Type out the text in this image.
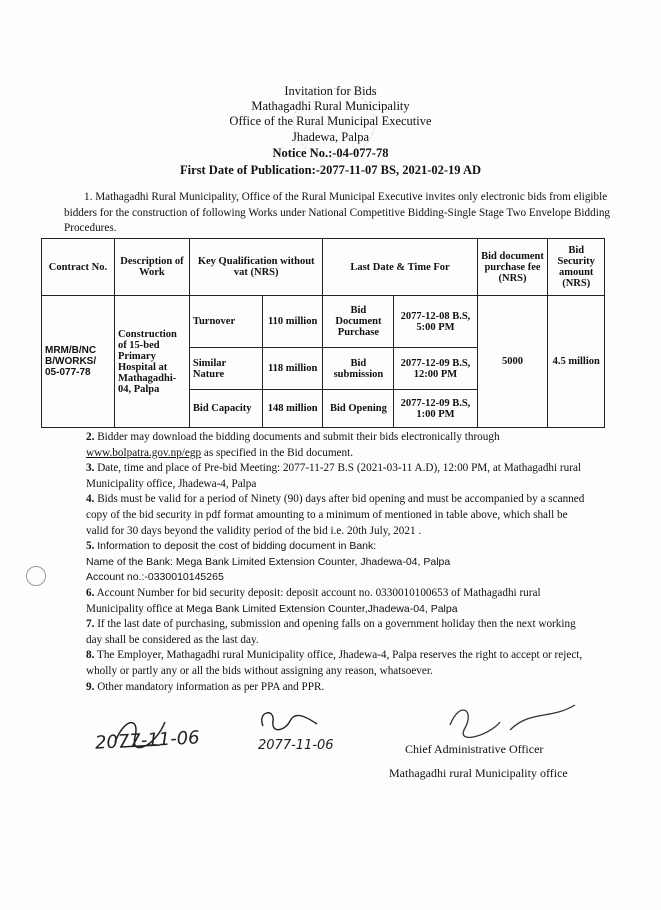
Invitation for Bids
Mathagadhi Rural Municipality
Office of the Rural Municipal Executive
Jhadewa, Palpa
Notice No.:-04-077-78
First Date of Publication:-2077-11-07 BS, 2021-02-19 AD
1. Mathagadhi Rural Municipality, Office of the Rural Municipal Executive invites only electronic bids from eligible bidders for the construction of following Works under National Competitive Bidding-Single Stage Two Envelope Bidding Procedures.
Contract No.	Description of Work	Key Qualification without vat (NRS)		Last Date & Time For		Bid document purchase fee (NRS)	Bid Security amount (NRS)
MRM/B/NC B/WORKS/ 05-077-78	Construction of 15-bed Primary Hospital at Mathagadhi-04, Palpa	Turnover	110 million	Bid Document Purchase	2077-12-08 B.S, 5:00 PM	5000	4.5 million
		Similar Nature	118 million	Bid submission	2077-12-09 B.S, 12:00 PM		
		Bid Capacity	148 million	Bid Opening	2077-12-09 B.S, 1:00 PM		

2. Bidder may download the bidding documents and submit their bids electronically through www.bolpatra.gov.np/egp as specified in the Bid document.

3. Date, time and place of Pre-bid Meeting: 2077-11-27 B.S (2021-03-11 A.D), 12:00 PM, at Mathagadhi rural Municipality office, Jhadewa-4, Palpa

4. Bids must be valid for a period of Ninety (90) days after bid opening and must be accompanied by a scanned copy of the bid security in pdf format amounting to a minimum of mentioned in table above, which shall be valid for 30 days beyond the validity period of the bid i.e. 20th July, 2021 .

5. Information to deposit the cost of bidding document in Bank:

Name of the Bank: Mega Bank Limited Extension Counter, Jhadewa-04, Palpa

Account no.:-0330010145265

6. Account Number for bid security deposit: deposit account no. 0330010100653 of Mathagadhi rural Municipality office at Mega Bank Limited Extension Counter,Jhadewa-04, Palpa

7. If the last date of purchasing, submission and opening falls on a government holiday then the next working day shall be considered as the last day.

8. The Employer, Mathagadhi rural Municipality office, Jhadewa-4, Palpa reserves the right to accept or reject, wholly or partly any or all the bids without assigning any reason, whatsoever.

9. Other mandatory information as per PPA and PPR.

2077-11-06	2077-11-06	Chief Administrative Officer
Mathagadhi rural Municipality office
